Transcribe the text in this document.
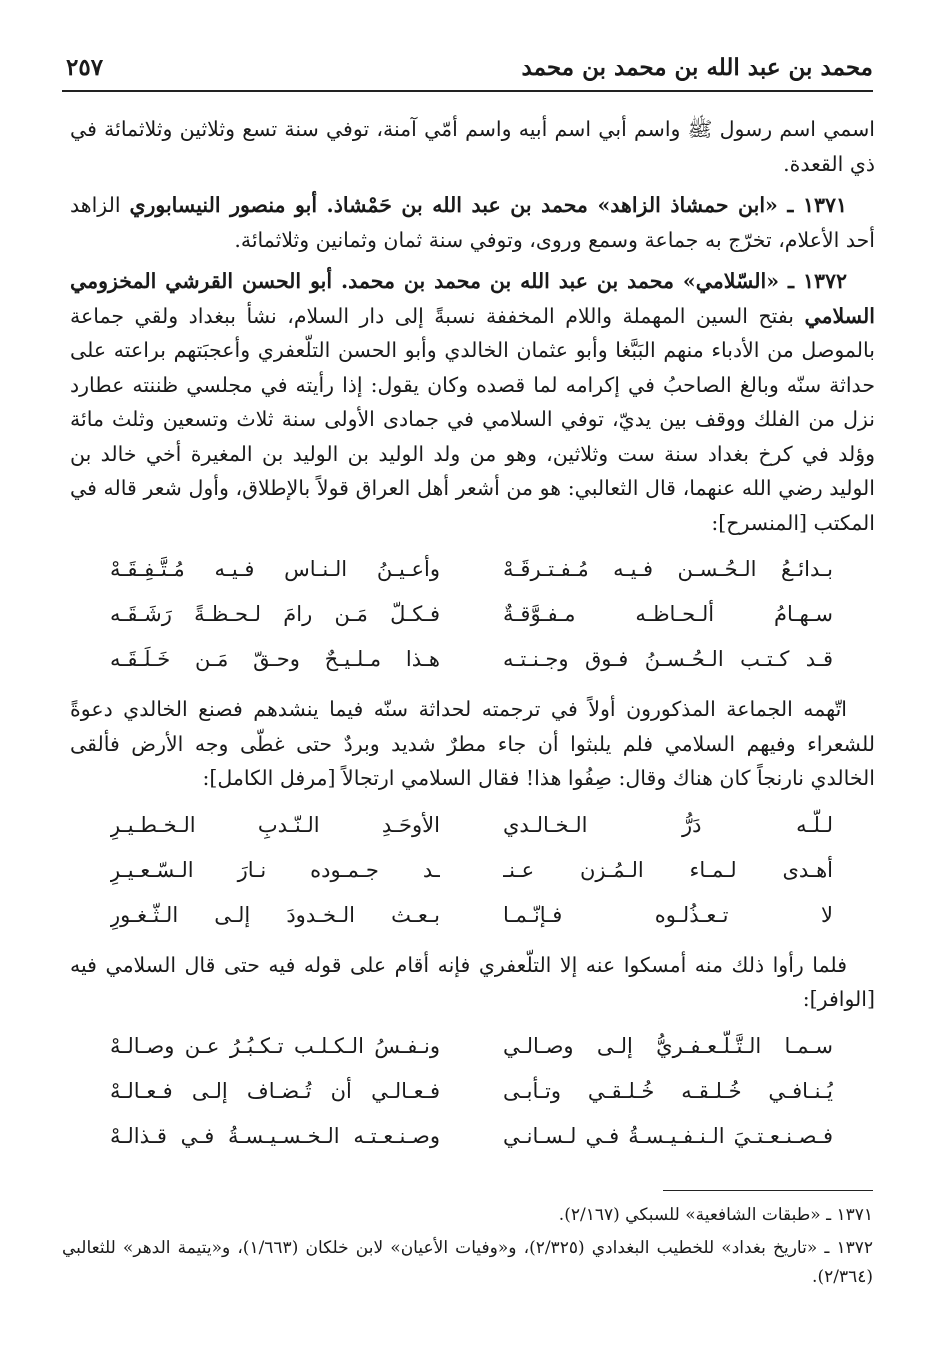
محمد بن عبد الله بن محمد بن محمد
٢٥٧

اسمي اسم رسول ﷺ واسم أبي اسم أبيه واسم أمّي آمنة، توفي سنة تسع وثلاثين وثلاثمائة في ذي القعدة.

١٣٧١ ـ «ابن حمشاذ الزاهد» محمد بن عبد الله بن حَمْشاذ. أبو منصور النيسابوري الزاهد أحد الأعلام، تخرّج به جماعة وسمع وروى، وتوفي سنة ثمان وثمانين وثلاثمائة.

١٣٧٢ ـ «السّلامي» محمد بن عبد الله بن محمد بن محمد. أبو الحسن القرشي المخزومي السلامي بفتح السين المهملة واللام المخففة نسبةً إلى دار السلام، نشأ ببغداد ولقي جماعة بالموصل من الأدباء منهم البَبَّغا وأبو عثمان الخالدي وأبو الحسن التلّعفري وأعجبَتهم براعته على حداثة سنّه وبالغ الصاحبُ في إكرامه لما قصده وكان يقول: إذا رأيته في مجلسي ظننته عطارد نزل من الفلك ووقف بين يديّ، توفي السلامي في جمادى الأولى سنة ثلاث وتسعين وثلث مائة وؤلد في كرخ بغداد سنة ست وثلاثين، وهو من ولد الوليد بن الوليد بن المغيرة أخي خالد بن الوليد رضي الله عنهما، قال الثعالبي: هو من أشعر أهل العراق قولاً بالإطلاق، وأول شعر قاله في المكتب [المنسرح]:

بـدائـعُ الـحُـسـن فـيـه مُـفـتـرقَـهْ
وأعـيـنُ الـنـاس فـيـه مُـتَّـفِـقَـهْ
سـهـامُ ألـحـاظـه مـفـوَّقـةٌ
فـكـلّ مَـن رامَ لـحـظـةً رَشَـقَـه
قـد كـتـب الـحُـسـنُ فـوق وجـنـتـه
هـذا مـلـيـحٌ وحـقّ مَـن خَـلَـقَـه

اتّهمه الجماعة المذكورون أولاً في ترجمته لحداثة سنّه فيما ينشدهم فصنع الخالدي دعوةً للشعراء وفيهم السلامي فلم يلبثوا أن جاء مطرٌ شديد وبردٌ حتى غطّى وجه الأرض فألقى الخالدي نارنجاً كان هناك وقال: صِفُوا هذا! فقال السلامي ارتجالاً [مرفل الكامل]:

لـلّـه دَرُّ الـخـالـدي
الأوحَـدِ الـنّـدبِ الـخـطـيـرِ
أهـدى لـمـاء الـمُـزن عـنـ
ـد جـمـوده نـارَ الـسّـعـيـرِ
لا تـعـذُلـوه فـإنّـمـا
بـعـث الـخـدودَ إلـى الـثّـغـورِ

فلما رأوا ذلك منه أمسكوا عنه إلا التلّعفري فإنه أقام على قوله فيه حتى قال السلامي فيه [الوافر]:

سـمـا الـتَّـلّـعـفـريُّ إلـى وصـالـي
ونـفـسُ الـكـلـب تـكـبُـرُ عـن وصـالـهْ
يُـنـافـي خُـلـقـه خُـلـقـي وتـأبـى
فـعـالـي أن تُـضـاف إلـى فـعـالـهْ
فـصـنـعـتـيَ الـنـفـيـسـةُ فـي لـسـانـي
وصـنـعـتـه الـخـسـيـسـةُ فـي قـذالـهْ

١٣٧١ ـ «طبقات الشافعية» للسبكي (٢/١٦٧).

١٣٧٢ ـ «تاريخ بغداد» للخطيب البغدادي (٢/٣٢٥)، و«وفيات الأعيان» لابن خلكان (١/٦٦٣)، و«يتيمة الدهر» للثعالبي (٢/٣٦٤).
